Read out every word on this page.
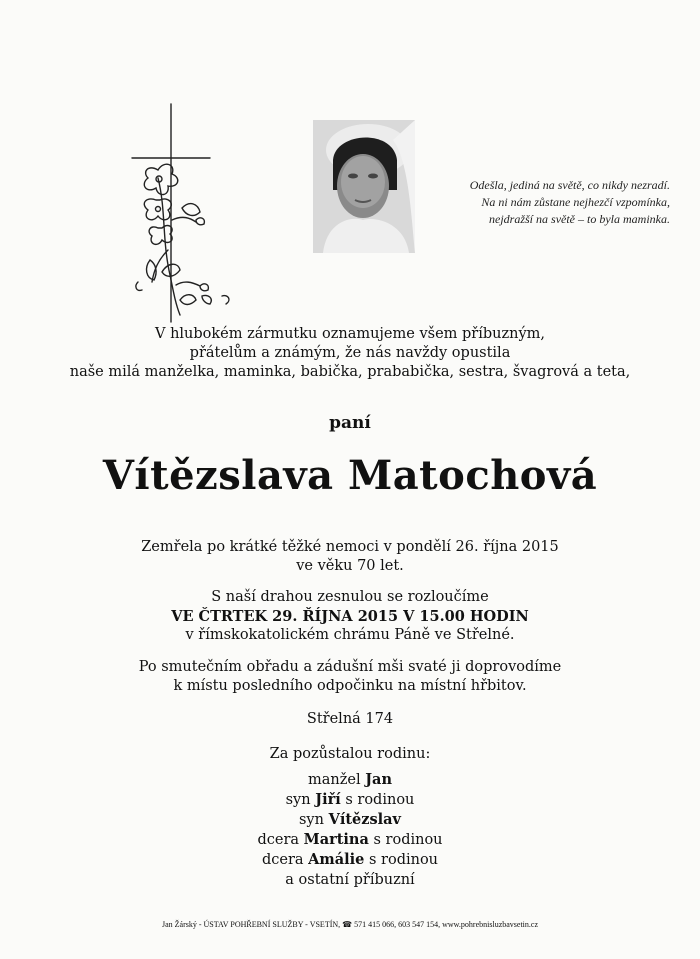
Odešla, jediná na světě, co nikdy nezradí.
Na ni nám zůstane nejhezčí vzpomínka,
nejdražší na světě – to byla maminka.
V hlubokém zármutku oznamujeme všem příbuzným,
přátelům a známým, že nás navždy opustila
naše milá manželka, maminka, babička, prababička, sestra, švagrová a teta,
paní
Vítězslava Matochová
Zemřela po krátké těžké nemoci v pondělí 26. října 2015
ve věku 70 let.
S naší drahou zesnulou se rozloučíme
VE ČTRTEK 29. ŘÍJNA 2015 V 15.00 HODIN
v římskokatolickém chrámu Páně ve Střelné.
Po smutečním obřadu a zádušní mši svaté ji doprovodíme
k místu posledního odpočinku na místní hřbitov.
Střelná 174
Za pozůstalou rodinu:
manžel Jan
syn Jiří s rodinou
syn Vítězslav
dcera Martina s rodinou
dcera Amálie s rodinou
a ostatní příbuzní
Jan Žárský - ÚSTAV POHŘEBNÍ SLUŽBY - VSETÍN, ☎ 571 415 066, 603 547 154, www.pohrebnisluzbavsetin.cz
